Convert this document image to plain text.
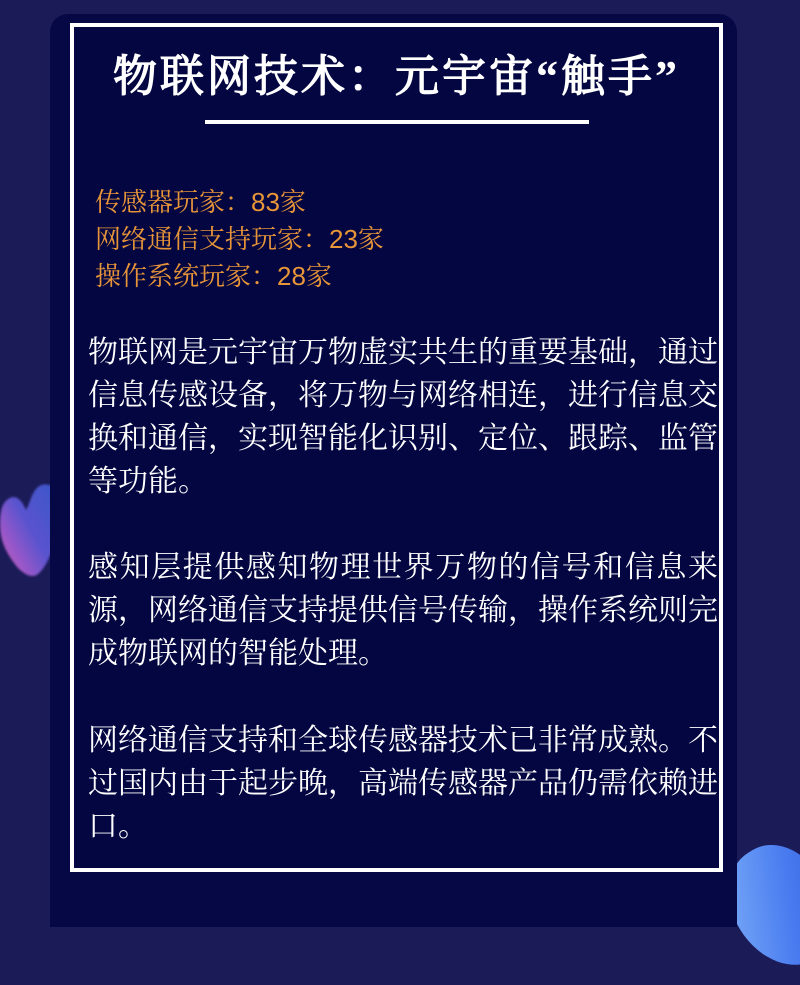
物联网技术：元宇宙“触手”
传感器玩家：83家
网络通信支持玩家：23家
操作系统玩家：28家
物联网是元宇宙万物虚实共生的重要基础，通过信息传感设备，将万物与网络相连，进行信息交换和通信，实现智能化识别、定位、跟踪、监管等功能。
感知层提供感知物理世界万物的信号和信息来源，网络通信支持提供信号传输，操作系统则完成物联网的智能处理。
网络通信支持和全球传感器技术已非常成熟。不过国内由于起步晚，高端传感器产品仍需依赖进口。
